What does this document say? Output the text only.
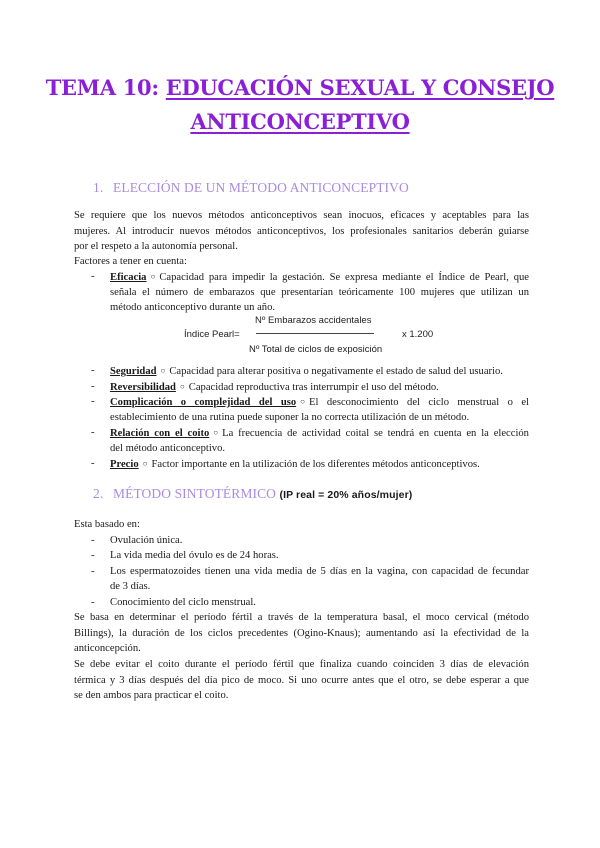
TEMA 10: EDUCACIÓN SEXUAL Y CONSEJO
ANTICONCEPTIVO
1. ELECCIÓN DE UN MÉTODO ANTICONCEPTIVO
Se requiere que los nuevos métodos anticonceptivos sean inocuos, eficaces y aceptables para las
mujeres. Al introducir nuevos métodos anticonceptivos, los profesionales sanitarios deberán guiarse
por el respeto a la autonomía personal.
Factores a tener en cuenta:
- Eficacia ○ Capacidad para impedir la gestación. Se expresa mediante el Índice de Pearl, que
señala el número de embarazos que presentarían teóricamente 100 mujeres que utilizan un
método anticonceptivo durante un año.
Nº Embarazos accidentales
Índice Pearl=	x 1.200
Nº Total de ciclos de exposición
- Seguridad ○ Capacidad para alterar positiva o negativamente el estado de salud del usuario.
- Reversibilidad ○ Capacidad reproductiva tras interrumpir el uso del método.
- Complicación o complejidad del uso ○ El desconocimiento del ciclo menstrual o el
establecimiento de una rutina puede suponer la no correcta utilización de un método.
- Relación con el coito ○ La frecuencia de actividad coital se tendrá en cuenta en la elección
del método anticonceptivo.
- Precio ○ Factor importante en la utilización de los diferentes métodos anticonceptivos.
2. MÉTODO SINTOTÉRMICO (IP real = 20% años/mujer)
Esta basado en:
- Ovulación única.
- La vida media del óvulo es de 24 horas.
- Los espermatozoides tienen una vida media de 5 días en la vagina, con capacidad de fecundar
de 3 días.
- Conocimiento del ciclo menstrual.
Se basa en determinar el período fértil a través de la temperatura basal, el moco cervical (método
Billings), la duración de los ciclos precedentes (Ogino-Knaus); aumentando así la efectividad de la
anticoncepción.
Se debe evitar el coito durante el período fértil que finaliza cuando coinciden 3 días de elevación
térmica y 3 días después del día pico de moco. Si uno ocurre antes que el otro, se debe esperar a que
se den ambos para practicar el coito.
